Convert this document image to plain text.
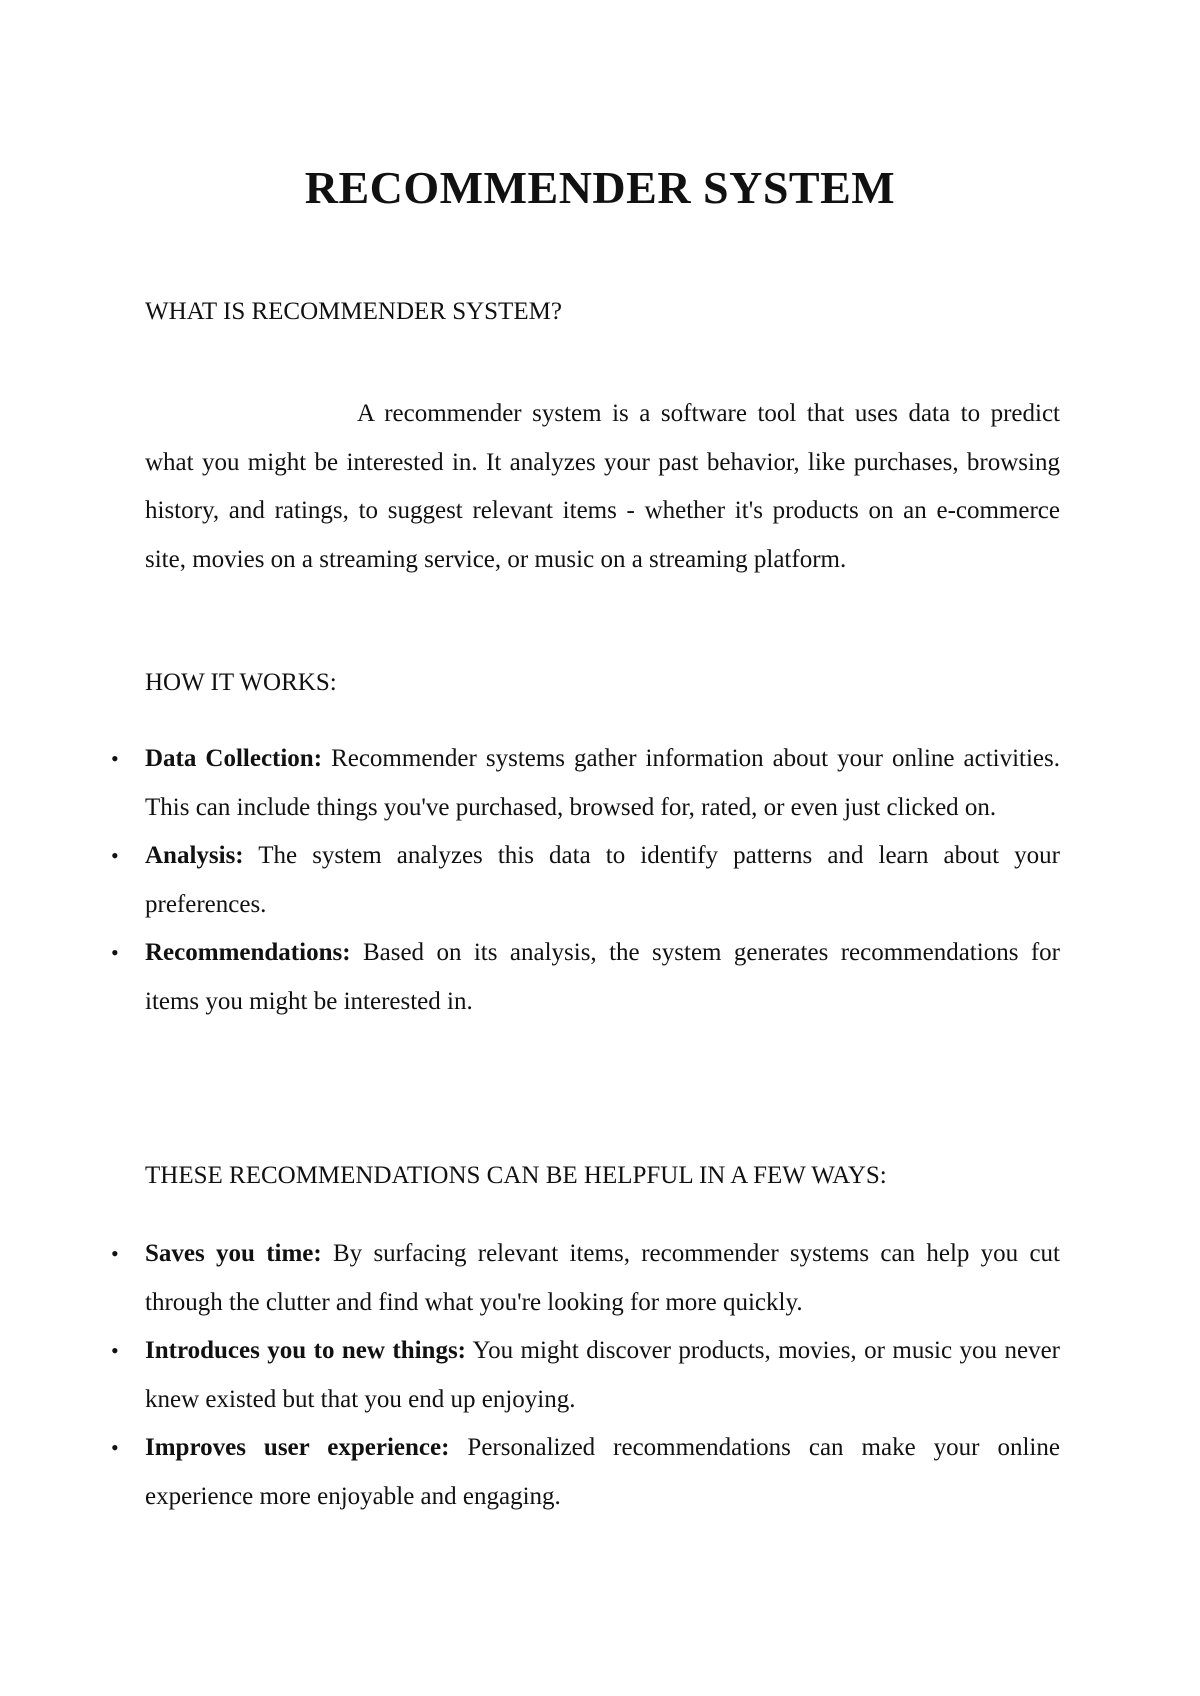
RECOMMENDER SYSTEM

WHAT IS RECOMMENDER SYSTEM?

A recommender system is a software tool that uses data to predict what you might be interested in. It analyzes your past behavior, like purchases, browsing history, and ratings, to suggest relevant items - whether it's products on an e-commerce site, movies on a streaming service, or music on a streaming platform.

HOW IT WORKS:

• Data Collection: Recommender systems gather information about your online activities. This can include things you've purchased, browsed for, rated, or even just clicked on.
• Analysis: The system analyzes this data to identify patterns and learn about your preferences.
• Recommendations: Based on its analysis, the system generates recommendations for items you might be interested in.

THESE RECOMMENDATIONS CAN BE HELPFUL IN A FEW WAYS:

• Saves you time: By surfacing relevant items, recommender systems can help you cut through the clutter and find what you're looking for more quickly.
• Introduces you to new things: You might discover products, movies, or music you never knew existed but that you end up enjoying.
• Improves user experience: Personalized recommendations can make your online experience more enjoyable and engaging.
